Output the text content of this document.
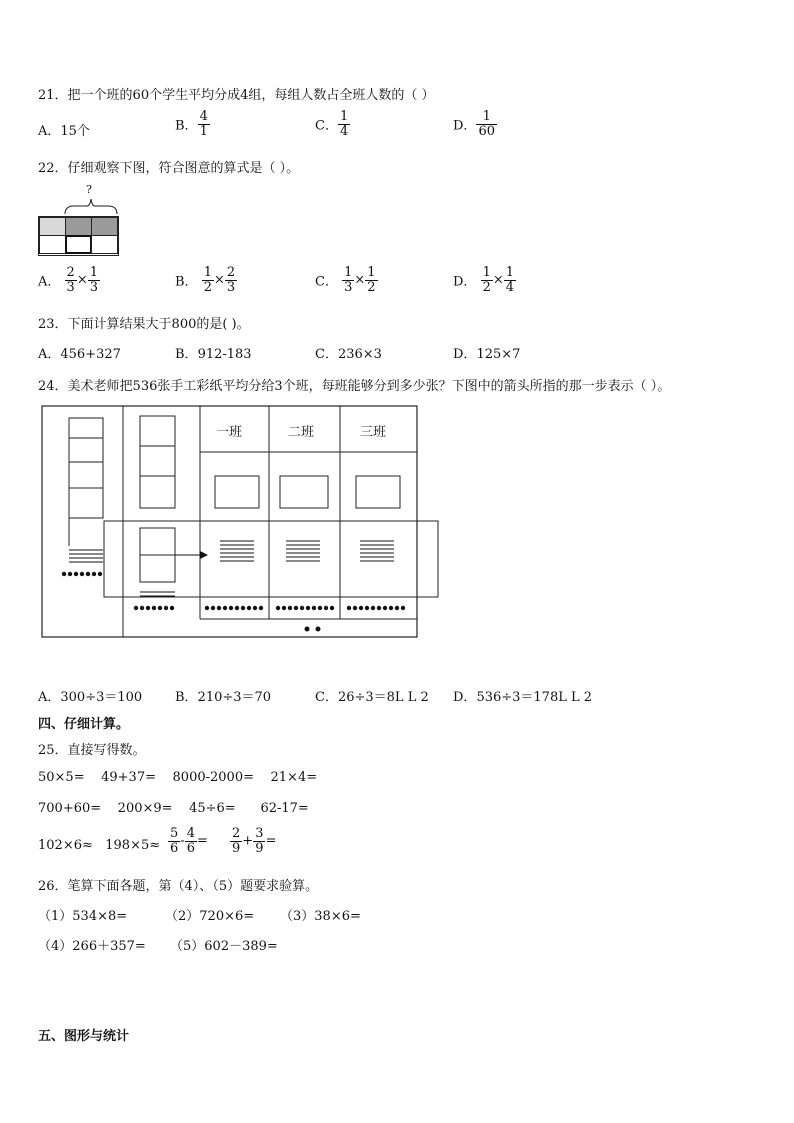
21．把一个班的60个学生平均分成4组，每组人数占全班人数的（ ）
A．15个	B． $\frac{4}{1}$	C． $\frac{1}{4}$	D． $\frac{1}{60}$
22．仔细观察下图，符合图意的算式是（ ）。
?
A． $\frac{2}{3} \times \frac{1}{3}$	B． $\frac{1}{2} \times \frac{2}{3}$	C． $\frac{1}{3} \times \frac{1}{2}$	D． $\frac{1}{2} \times \frac{1}{4}$
23．下面计算结果大于800的是( )。
A．456+327	B．912-183	C．236×3	D．125×7
24．美术老师把536张手工彩纸平均分给3个班，每班能够分到多少张？下图中的箭头所指的那一步表示（ ）。
一班	二班	三班
A．300÷3＝100	B．210÷3＝70	C．26÷3＝8L L 2 D．536÷3＝178L L 2
四、仔细计算。
25．直接写得数。
50×5=    49+37=    8000-2000=    21×4=
700+60=    200×9=    45÷6=      62-17=
$102\times 6\approx 198\times 5\approx \frac{5}{6} - \frac{4}{6} = \frac{2}{9} + \frac{3}{9}$ =
26．笔算下面各题，第（4）、（5）题要求验算。
（1）534×8=	（2）720×6= （3）38×6=
（4）266＋357= （5）602－389=
五、图形与统计
